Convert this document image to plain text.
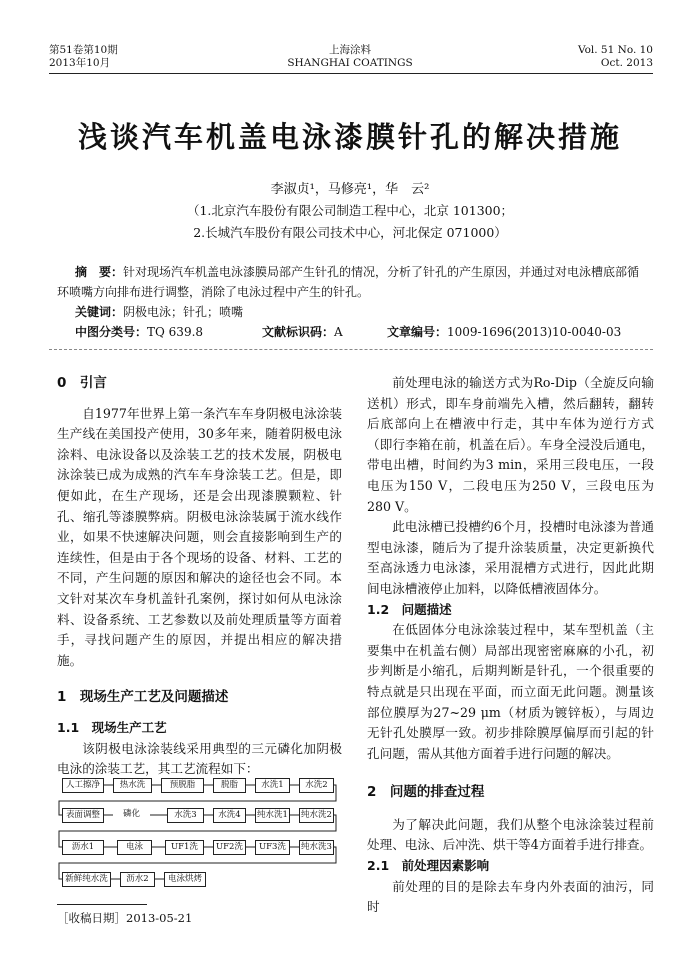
第51卷第10期
2013年10月
上海涂料
SHANGHAI COATINGS
Vol. 51 No. 10
Oct. 2013
浅谈汽车机盖电泳漆膜针孔的解决措施
李淑贞¹，马修亮¹，华　云²
（1.北京汽车股份有限公司制造工程中心，北京 101300；
2.长城汽车股份有限公司技术中心，河北保定 071000）
摘　要：针对现场汽车机盖电泳漆膜局部产生针孔的情况，分析了针孔的产生原因，并通过对电泳槽底部循环喷嘴方向排布进行调整，消除了电泳过程中产生的针孔。
关键词：阴极电泳；针孔；喷嘴
中图分类号：TQ 639.8	文献标识码：A	文章编号：1009-1696(2013)10-0040-03

0　引言

自1977年世界上第一条汽车车身阴极电泳涂装生产线在美国投产使用，30多年来，随着阴极电泳涂料、电泳设备以及涂装工艺的技术发展，阴极电泳涂装已成为成熟的汽车车身涂装工艺。但是，即便如此，在生产现场，还是会出现漆膜颗粒、针孔、缩孔等漆膜弊病。阴极电泳涂装属于流水线作业，如果不快速解决问题，则会直接影响到生产的连续性，但是由于各个现场的设备、材料、工艺的不同，产生问题的原因和解决的途径也会不同。本文针对某次车身机盖针孔案例，探讨如何从电泳涂料、设备系统、工艺参数以及前处理质量等方面着手，寻找问题产生的原因，并提出相应的解决措施。

1　现场生产工艺及问题描述

1.1　现场生产工艺

该阴极电泳涂装线采用典型的三元磷化加阴极电泳的涂装工艺，其工艺流程如下：

人工擦净	热水洗	预脱脂	脱脂	水洗1	水洗2
表面调整	磷化	水洗3	水洗4	纯水洗1 纯水洗2
沥水1	电泳	UF1洗	UF2洗	UF3洗	纯水洗3
新鲜纯水洗	沥水2	电泳烘烤
［收稿日期］2013-05-21

前处理电泳的输送方式为Ro-Dip（全旋反向输送机）形式，即车身前端先入槽，然后翻转，翻转后底部向上在槽液中行走，其中车体为逆行方式（即行李箱在前，机盖在后）。车身全浸没后通电，带电出槽，时间约为3 min，采用三段电压，一段电压为150 V，二段电压为250 V，三段电压为280 V。

此电泳槽已投槽约6个月，投槽时电泳漆为普通型电泳漆，随后为了提升涂装质量，决定更新换代至高泳透力电泳漆，采用混槽方式进行，因此此期间电泳槽液停止加料，以降低槽液固体分。

1.2　问题描述

在低固体分电泳涂装过程中，某车型机盖（主要集中在机盖右侧）局部出现密密麻麻的小孔，初步判断是小缩孔，后期判断是针孔，一个很重要的特点就是只出现在平面，而立面无此问题。测量该部位膜厚为27~29 μm（材质为镀锌板），与周边无针孔处膜厚一致。初步排除膜厚偏厚而引起的针孔问题，需从其他方面着手进行问题的解决。

2　问题的排查过程

为了解决此问题，我们从整个电泳涂装过程前处理、电泳、后冲洗、烘干等4方面着手进行排查。

2.1　前处理因素影响

前处理的目的是除去车身内外表面的油污，同时
